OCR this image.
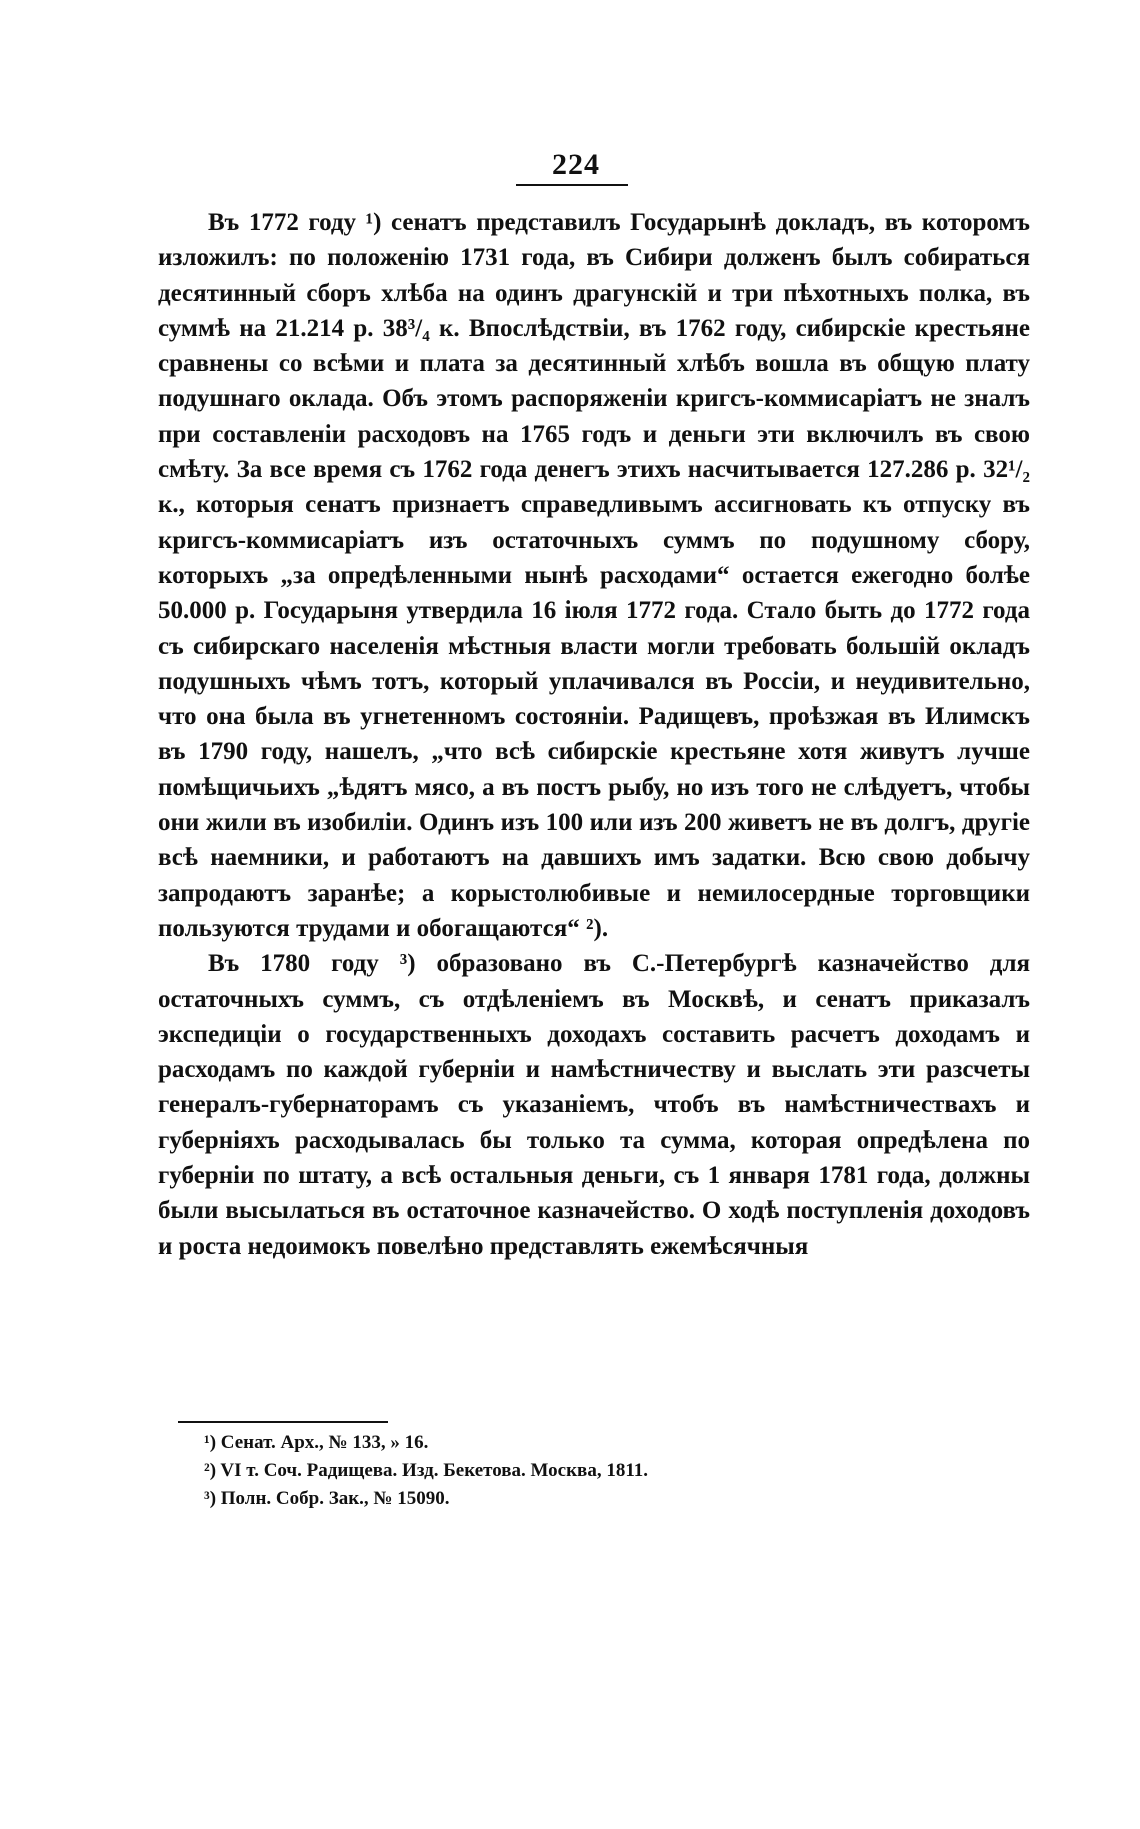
224

Въ 1772 году ¹) сенатъ представилъ Государынѣ докладъ, въ которомъ изложилъ: по положенію 1731 года, въ Сибири долженъ былъ собираться десятинный сборъ хлѣба на одинъ драгунскій и три пѣхотныхъ полка, въ суммѣ на 21.214 р. 38³/₄ к. Впослѣдствіи, въ 1762 году, сибирскіе крестьяне сравнены со всѣми и плата за десятинный хлѣбъ вошла въ общую плату подушнаго оклада. Объ этомъ распоряженіи кригсъ-коммисаріатъ не зналъ при составленіи расходовъ на 1765 годъ и деньги эти включилъ въ свою смѣту. За все время съ 1762 года денегъ этихъ насчитывается 127.286 р. 32¹/₂ к., которыя сенатъ признаетъ справедливымъ ассигновать къ отпуску въ кригсъ-коммисаріатъ изъ остаточныхъ суммъ по подушному сбору, которыхъ „за опредѣленными нынѣ расходами“ остается ежегодно болѣе 50.000 р. Государыня утвердила 16 іюля 1772 года. Стало быть до 1772 года съ сибирскаго населенія мѣстныя власти могли требовать большій окладъ подушныхъ чѣмъ тотъ, который уплачивался въ Россіи, и неудивительно, что она была въ угнетенномъ состояніи. Радищевъ, проѣзжая въ Илимскъ въ 1790 году, нашелъ, „что всѣ сибирскіе крестьяне хотя живутъ лучше помѣщичьихъ „ѣдятъ мясо, а въ постъ рыбу, но изъ того не слѣдуетъ, чтобы они жили въ изобиліи. Одинъ изъ 100 или изъ 200 живетъ не въ долгъ, другіе всѣ наемники, и работаютъ на давшихъ имъ задатки. Всю свою добычу запродаютъ заранѣе; а корыстолюбивые и немилосердные торговщики пользуются трудами и обогащаются“ ²).

Въ 1780 году ³) образовано въ С.-Петербургѣ казначейство для остаточныхъ суммъ, съ отдѣленіемъ въ Москвѣ, и сенатъ приказалъ экспедиціи о государственныхъ доходахъ составить расчетъ доходамъ и расходамъ по каждой губерніи и намѣстничеству и выслать эти разсчеты генералъ-губернаторамъ съ указаніемъ, чтобъ въ намѣстничествахъ и губерніяхъ расходывалась бы только та сумма, которая опредѣлена по губерніи по штату, а всѣ остальныя деньги, съ 1 января 1781 года, должны были высылаться въ остаточное казначейство. О ходѣ поступленія доходовъ и роста недоимокъ повелѣно представлять ежемѣсячныя

¹) Сенат. Арх., № 133, » 16.
²) VI т. Соч. Радищева. Изд. Бекетова. Москва, 1811.
³) Полн. Собр. Зак., № 15090.
